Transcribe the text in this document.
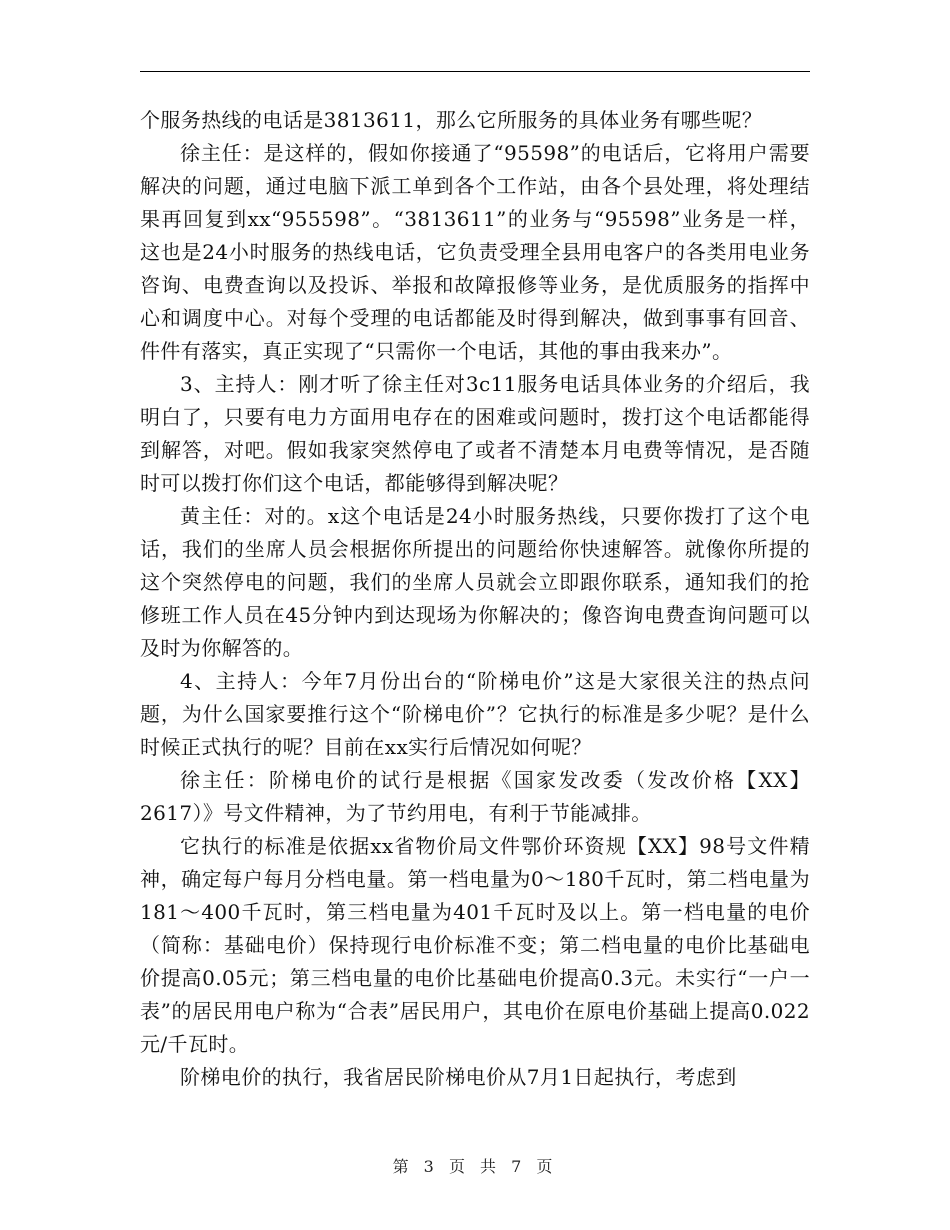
个服务热线的电话是3813611，那么它所服务的具体业务有哪些呢？

徐主任：是这样的，假如你接通了“95598”的电话后，它将用户需要解决的问题，通过电脑下派工单到各个工作站，由各个县处理，将处理结果再回复到xx“955598”。“3813611”的业务与“95598”业务是一样，这也是24小时服务的热线电话，它负责受理全县用电客户的各类用电业务咨询、电费查询以及投诉、举报和故障报修等业务，是优质服务的指挥中心和调度中心。对每个受理的电话都能及时得到解决，做到事事有回音、件件有落实，真正实现了“只需你一个电话，其他的事由我来办”。

3、主持人：刚才听了徐主任对3c11服务电话具体业务的介绍后，我明白了，只要有电力方面用电存在的困难或问题时，拨打这个电话都能得到解答，对吧。假如我家突然停电了或者不清楚本月电费等情况，是否随时可以拨打你们这个电话，都能够得到解决呢？

黄主任：对的。x这个电话是24小时服务热线，只要你拨打了这个电话，我们的坐席人员会根据你所提出的问题给你快速解答。就像你所提的这个突然停电的问题，我们的坐席人员就会立即跟你联系，通知我们的抢修班工作人员在45分钟内到达现场为你解决的；像咨询电费查询问题可以及时为你解答的。

4、主持人：今年7月份出台的“阶梯电价”这是大家很关注的热点问题，为什么国家要推行这个“阶梯电价”？它执行的标准是多少呢？是什么时候正式执行的呢？目前在xx实行后情况如何呢？

徐主任：阶梯电价的试行是根据《国家发改委（发改价格【XX】2617）》号文件精神，为了节约用电，有利于节能减排。

它执行的标准是依据xx省物价局文件鄂价环资规【XX】98号文件精神，确定每户每月分档电量。第一档电量为0～180千瓦时，第二档电量为181～400千瓦时，第三档电量为401千瓦时及以上。第一档电量的电价（简称：基础电价）保持现行电价标准不变；第二档电量的电价比基础电价提高0.05元；第三档电量的电价比基础电价提高0.3元。未实行“一户一表”的居民用电户称为“合表”居民用户，其电价在原电价基础上提高0.022元/千瓦时。

阶梯电价的执行，我省居民阶梯电价从7月1日起执行，考虑到

第 3 页 共 7 页
